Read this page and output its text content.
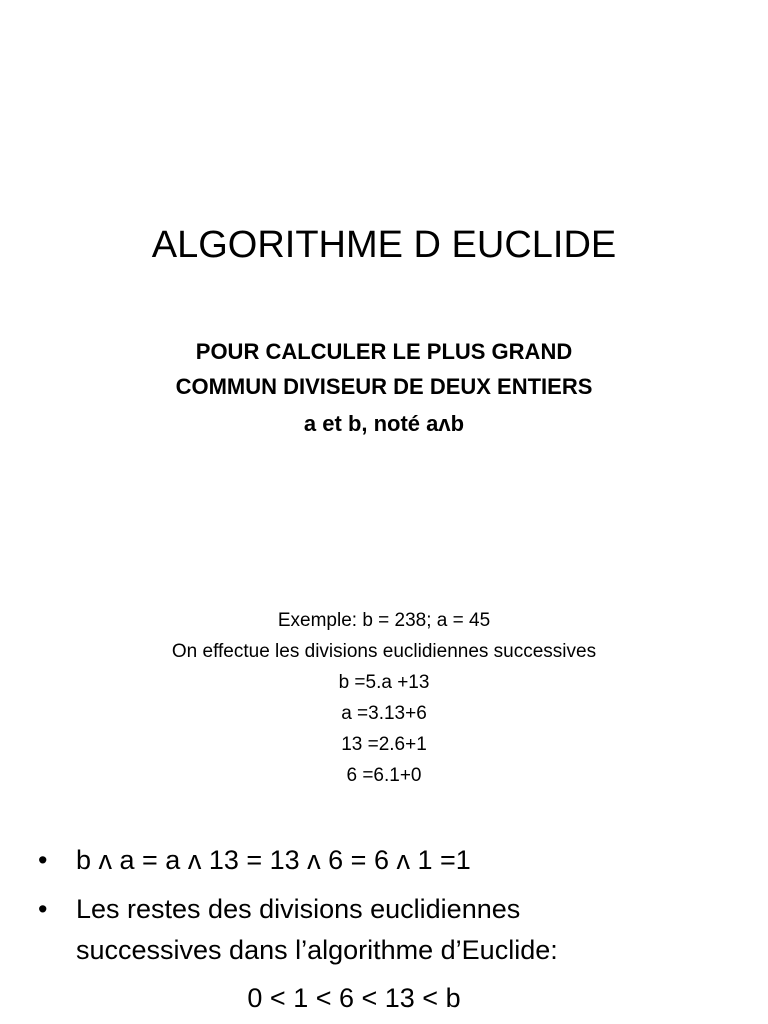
ALGORITHME D EUCLIDE
POUR CALCULER LE PLUS GRAND
COMMUN DIVISEUR DE DEUX ENTIERS
a et b, noté aʌb
Exemple: b = 238; a = 45
On effectue les divisions euclidiennes successives
b =5.a +13
a =3.13+6
13 =2.6+1
6 =6.1+0
• b ʌ a = a ʌ 13 = 13 ʌ 6 = 6 ʌ 1 =1
• Les restes des divisions euclidiennes
successives dans l’algorithme d’Euclide:
0 < 1 < 6 < 13 < b
